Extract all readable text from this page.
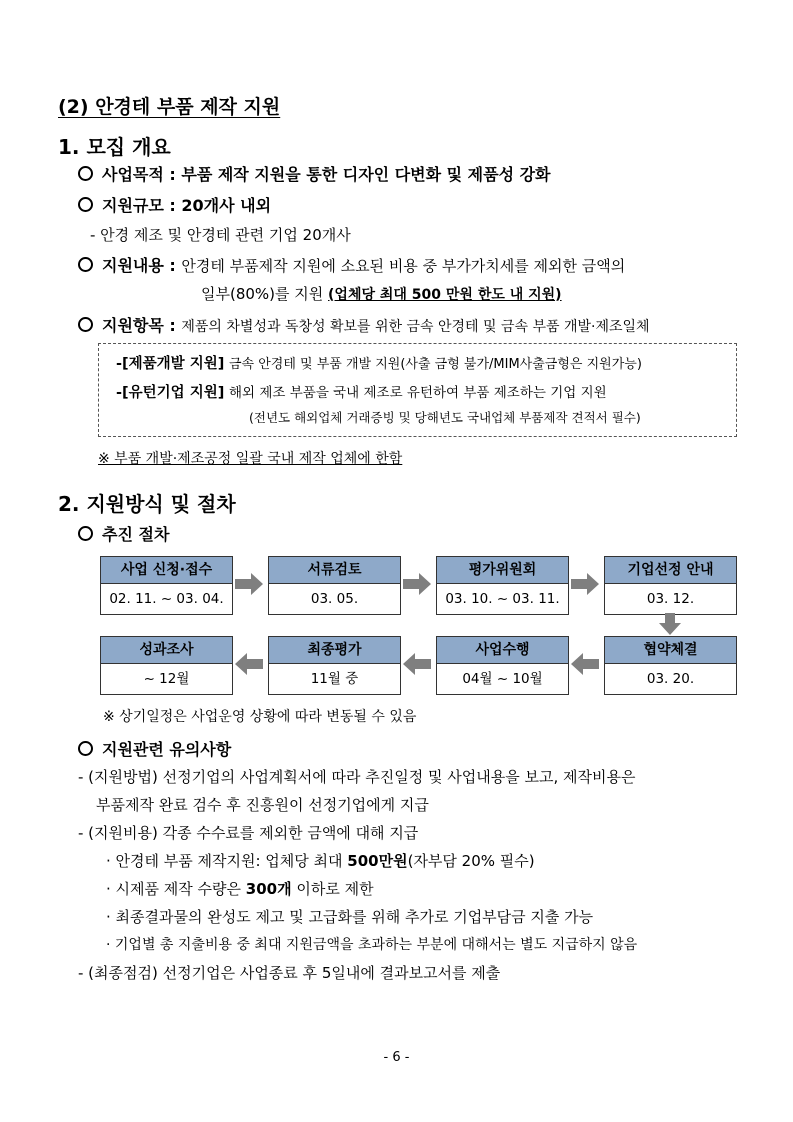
(2) 안경테 부품 제작 지원
1. 모집 개요
사업목적 : 부품 제작 지원을 통한 디자인 다변화 및 제품성 강화
지원규모 : 20개사 내외
- 안경 제조 및 안경테 관련 기업 20개사
지원내용 : 안경테 부품제작 지원에 소요된 비용 중 부가가치세를 제외한 금액의
일부(80%)를 지원 (업체당 최대 500 만원 한도 내 지원)
지원항목 : 제품의 차별성과 독창성 확보를 위한 금속 안경테 및 금속 부품 개발·제조일체
-[제품개발 지원] 금속 안경테 및 부품 개발 지원(사출 금형 불가/MIM사출금형은 지원가능)
-[유턴기업 지원] 해외 제조 부품을 국내 제조로 유턴하여 부품 제조하는 기업 지원
(전년도 해외업체 거래증빙 및 당해년도 국내업체 부품제작 견적서 필수)
※ 부품 개발·제조공정 일괄 국내 제작 업체에 한함
2. 지원방식 및 절차
추진 절차
사업 신청·접수
02. 11. ~ 03. 04.
서류검토
03. 05.
평가위원회
03. 10. ~ 03. 11.
기업선정 안내
03. 12.
협약체결
03. 20.
사업수행
04월 ~ 10월
최종평가
11월 중
성과조사
~ 12월
※ 상기일정은 사업운영 상황에 따라 변동될 수 있음
지원관련 유의사항
- (지원방법) 선정기업의 사업계획서에 따라 추진일정 및 사업내용을 보고, 제작비용은
부품제작 완료 검수 후 진흥원이 선정기업에게 지급
- (지원비용) 각종 수수료를 제외한 금액에 대해 지급
· 안경테 부품 제작지원: 업체당 최대 500만원(자부담 20% 필수)
· 시제품 제작 수량은 300개 이하로 제한
· 최종결과물의 완성도 제고 및 고급화를 위해 추가로 기업부담금 지출 가능
· 기업별 총 지출비용 중 최대 지원금액을 초과하는 부분에 대해서는 별도 지급하지 않음
- (최종점검) 선정기업은 사업종료 후 5일내에 결과보고서를 제출
- 6 -
